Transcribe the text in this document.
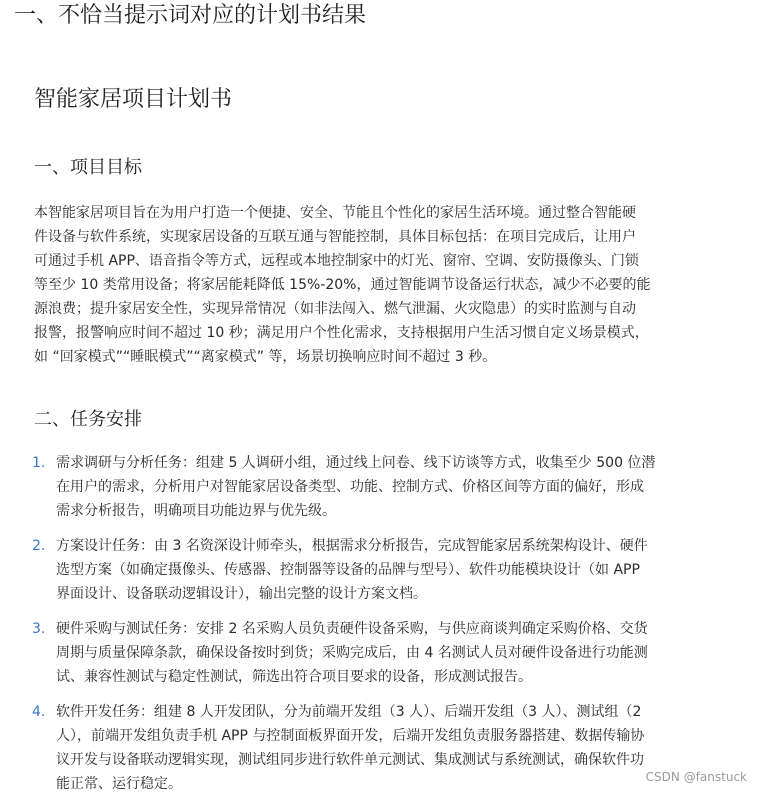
一、不恰当提示词对应的计划书结果
智能家居项目计划书
一、项目目标
本智能家居项目旨在为用户打造一个便捷、安全、节能且个性化的家居生活环境。通过整合智能硬
件设备与软件系统，实现家居设备的互联互通与智能控制，具体目标包括：在项目完成后，让用户
可通过手机 APP、语音指令等方式，远程或本地控制家中的灯光、窗帘、空调、安防摄像头、门锁
等至少 10 类常用设备；将家居能耗降低 15%-20%，通过智能调节设备运行状态，减少不必要的能
源浪费；提升家居安全性，实现异常情况（如非法闯入、燃气泄漏、火灾隐患）的实时监测与自动
报警，报警响应时间不超过 10 秒；满足用户个性化需求，支持根据用户生活习惯自定义场景模式，
如 “回家模式”“睡眠模式”“离家模式” 等，场景切换响应时间不超过 3 秒。
二、任务安排
1. 需求调研与分析任务：组建 5 人调研小组，通过线上问卷、线下访谈等方式，收集至少 500 位潜
在用户的需求，分析用户对智能家居设备类型、功能、控制方式、价格区间等方面的偏好，形成
需求分析报告，明确项目功能边界与优先级。
2. 方案设计任务：由 3 名资深设计师牵头，根据需求分析报告，完成智能家居系统架构设计、硬件
选型方案（如确定摄像头、传感器、控制器等设备的品牌与型号）、软件功能模块设计（如 APP
界面设计、设备联动逻辑设计），输出完整的设计方案文档。
3. 硬件采购与测试任务：安排 2 名采购人员负责硬件设备采购，与供应商谈判确定采购价格、交货
周期与质量保障条款，确保设备按时到货；采购完成后，由 4 名测试人员对硬件设备进行功能测
试、兼容性测试与稳定性测试，筛选出符合项目要求的设备，形成测试报告。
4. 软件开发任务：组建 8 人开发团队，分为前端开发组（3 人）、后端开发组（3 人）、测试组（2
人），前端开发组负责手机 APP 与控制面板界面开发，后端开发组负责服务器搭建、数据传输协
议开发与设备联动逻辑实现，测试组同步进行软件单元测试、集成测试与系统测试，确保软件功
能正常、运行稳定。	CSDN @fanstuck
